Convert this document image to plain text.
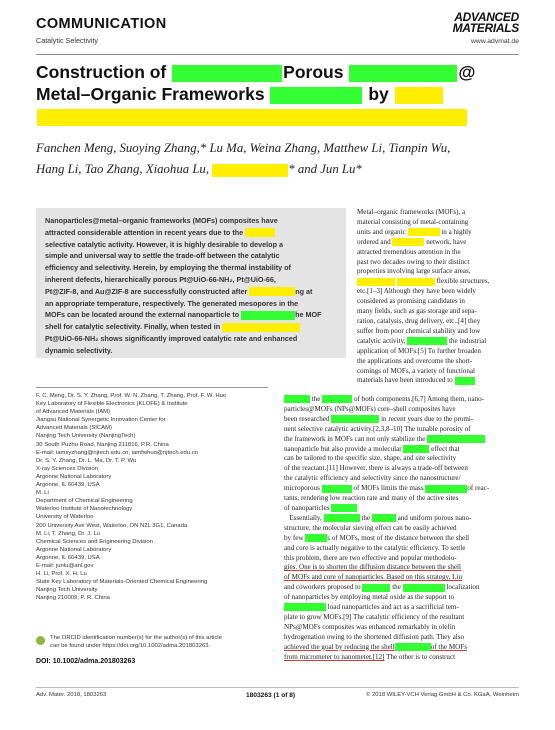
COMMUNICATION
Catalytic Selectivity
ADVANCED
MATERIALS
www.advmat.de
Construction of	Porous	@
Metal–Organic Frameworks	by

Fanchen Meng, Suoying Zhang,* Lu Ma, Weina Zhang, Matthew Li, Tianpin Wu,
Hang Li, Tao Zhang, Xiaohua Lu,	* and Jun Lu*
Nanoparticles@metal–organic frameworks (MOFs) composites have
attracted considerable attention in recent years due to the
selective catalytic activity. However, it is highly desirable to develop a
simple and universal way to settle the trade-off between the catalytic
efficiency and selectivity. Herein, by employing the thermal instability of
inherent defects, hierarchically porous Pt@UiO-66-NH₂, Pt@UiO-66,
Pt@ZIF-8, and Au@ZIF-8 are successfully constructed after	ng at
an appropriate temperature, respectively. The generated mesopores in the
MOFs can be located around the external nanoparticle to	he MOF
shell for catalytic selectivity. Finally, when tested in
Pt@UiO-66-NH₂ shows significantly improved catalytic rate and enhanced
dynamic selectivity.
Metal–organic frameworks (MOFs), a
material consisting of metal-containing
units and organic	in a highly
ordered and	network, have
attracted tremendous attention in the
past two decades owing to their distinct
properties involving large surface areas,
flexible structures,
etc.[1–3] Although they have been widely
considered as promising candidates in
many fields, such as gas storage and sepa-
ration, catalysis, drug delivery, etc.,[4] they
suffer from poor chemical stability and low
catalytic activity,	the industrial
application of MOFs.[5] To further broaden
the applications and overcome the short-
comings of MOFs, a variety of functional
materials have been introduced to
F. C. Meng, Dr. S. Y. Zhang, Prof. W. N. Zhang, T. Zhang, Prof. F. W. Huo
Key Laboratory of Flexible Electronics (KLOFE) & Institute
of Advanced Materials (IAM)
Jiangsu National Synergetic Innovation Center for
Advanced Materials (SICAM)
Nanjing Tech University (NanjingTech)
30 South Puzhu Road, Nanjing 211816, P.R. China
E-mail: iamsyzhang@njtech.edu.cn; iamfwhuo@njtech.edu.cn
Dr. S. Y. Zhang, Dr. L. Ma, Dr. T. P. Wu
X-ray Sciences Division
Argonne National Laboratory
Argonne, IL 60439, USA
M. Li
Department of Chemical Engineering
Waterloo Institute of Nanotechnology
University of Waterloo
200 University Ave West, Waterloo, ON N2L 3G1, Canada
M. Li, T. Zhang, Dr. J. Lu
Chemical Sciences and Engineering Division
Argonne National Laboratory
Argonne, IL 60439, USA
E-mail: junlu@anl.gov
H. Li, Prof. X. H. Lu
State Key Laboratory of Materials-Oriented Chemical Engineering
Nanjing Tech University
Nanjing 210009, P. R. China
The ORCID identification number(s) for the author(s) of this article
can be found under https://doi.org/10.1002/adma.201803263.
DOI: 10.1002/adma.201803263
the	of both components.[6,7] Among them, nano-
particles@MOFs (NPs@MOFs) core–shell composites have
been researched	in recent years due to the promi-
nent selective catalytic activity.[2,3,8–10] The tunable porosity of
the framework in MOFs can not only stabilize the
nanoparticle but also provide a molecular	effect that
can be tailored to the specific size, shape, and site selectivity
of the reactant.[11] However, there is always a trade-off between
the catalytic efficiency and selectivity since the nanostructure/
microporous	of MOFs limits the mass	of reac-
tants, rendering low reaction rate and many of the active sites
of nanoparticles
Essentially,	the	and uniform porous nano-
structure, the molecular sieving effect can be easily achieved
by few	s of MOFs, most of the distance between the shell
and core is actually negative to the catalytic efficiency. To settle
this problem, there are two effective and popular methodolo-
gies. One is to shorten the diffusion distance between the shell
of MOFs and core of nanoparticles. Based on this strategy, Liu
and coworkers proposed to	the	localization
of nanoparticles by employing metal oxide as the support to
load nanoparticles and act as a sacrificial tem-
plate to grow MOFs.[9] The catalytic efficiency of the resultant
NPs@MOFs composites was enhanced remarkably in olefin
hydrogenation owing to the shortened diffusion path. They also
achieved the goal by reducing the shell	of the MOFs
from micrometer to nanometer.[12] The other is to construct
Adv. Mater. 2018, 1803263	1803263 (1 of 8)	© 2018 WILEY-VCH Verlag GmbH & Co. KGaA, Weinheim
